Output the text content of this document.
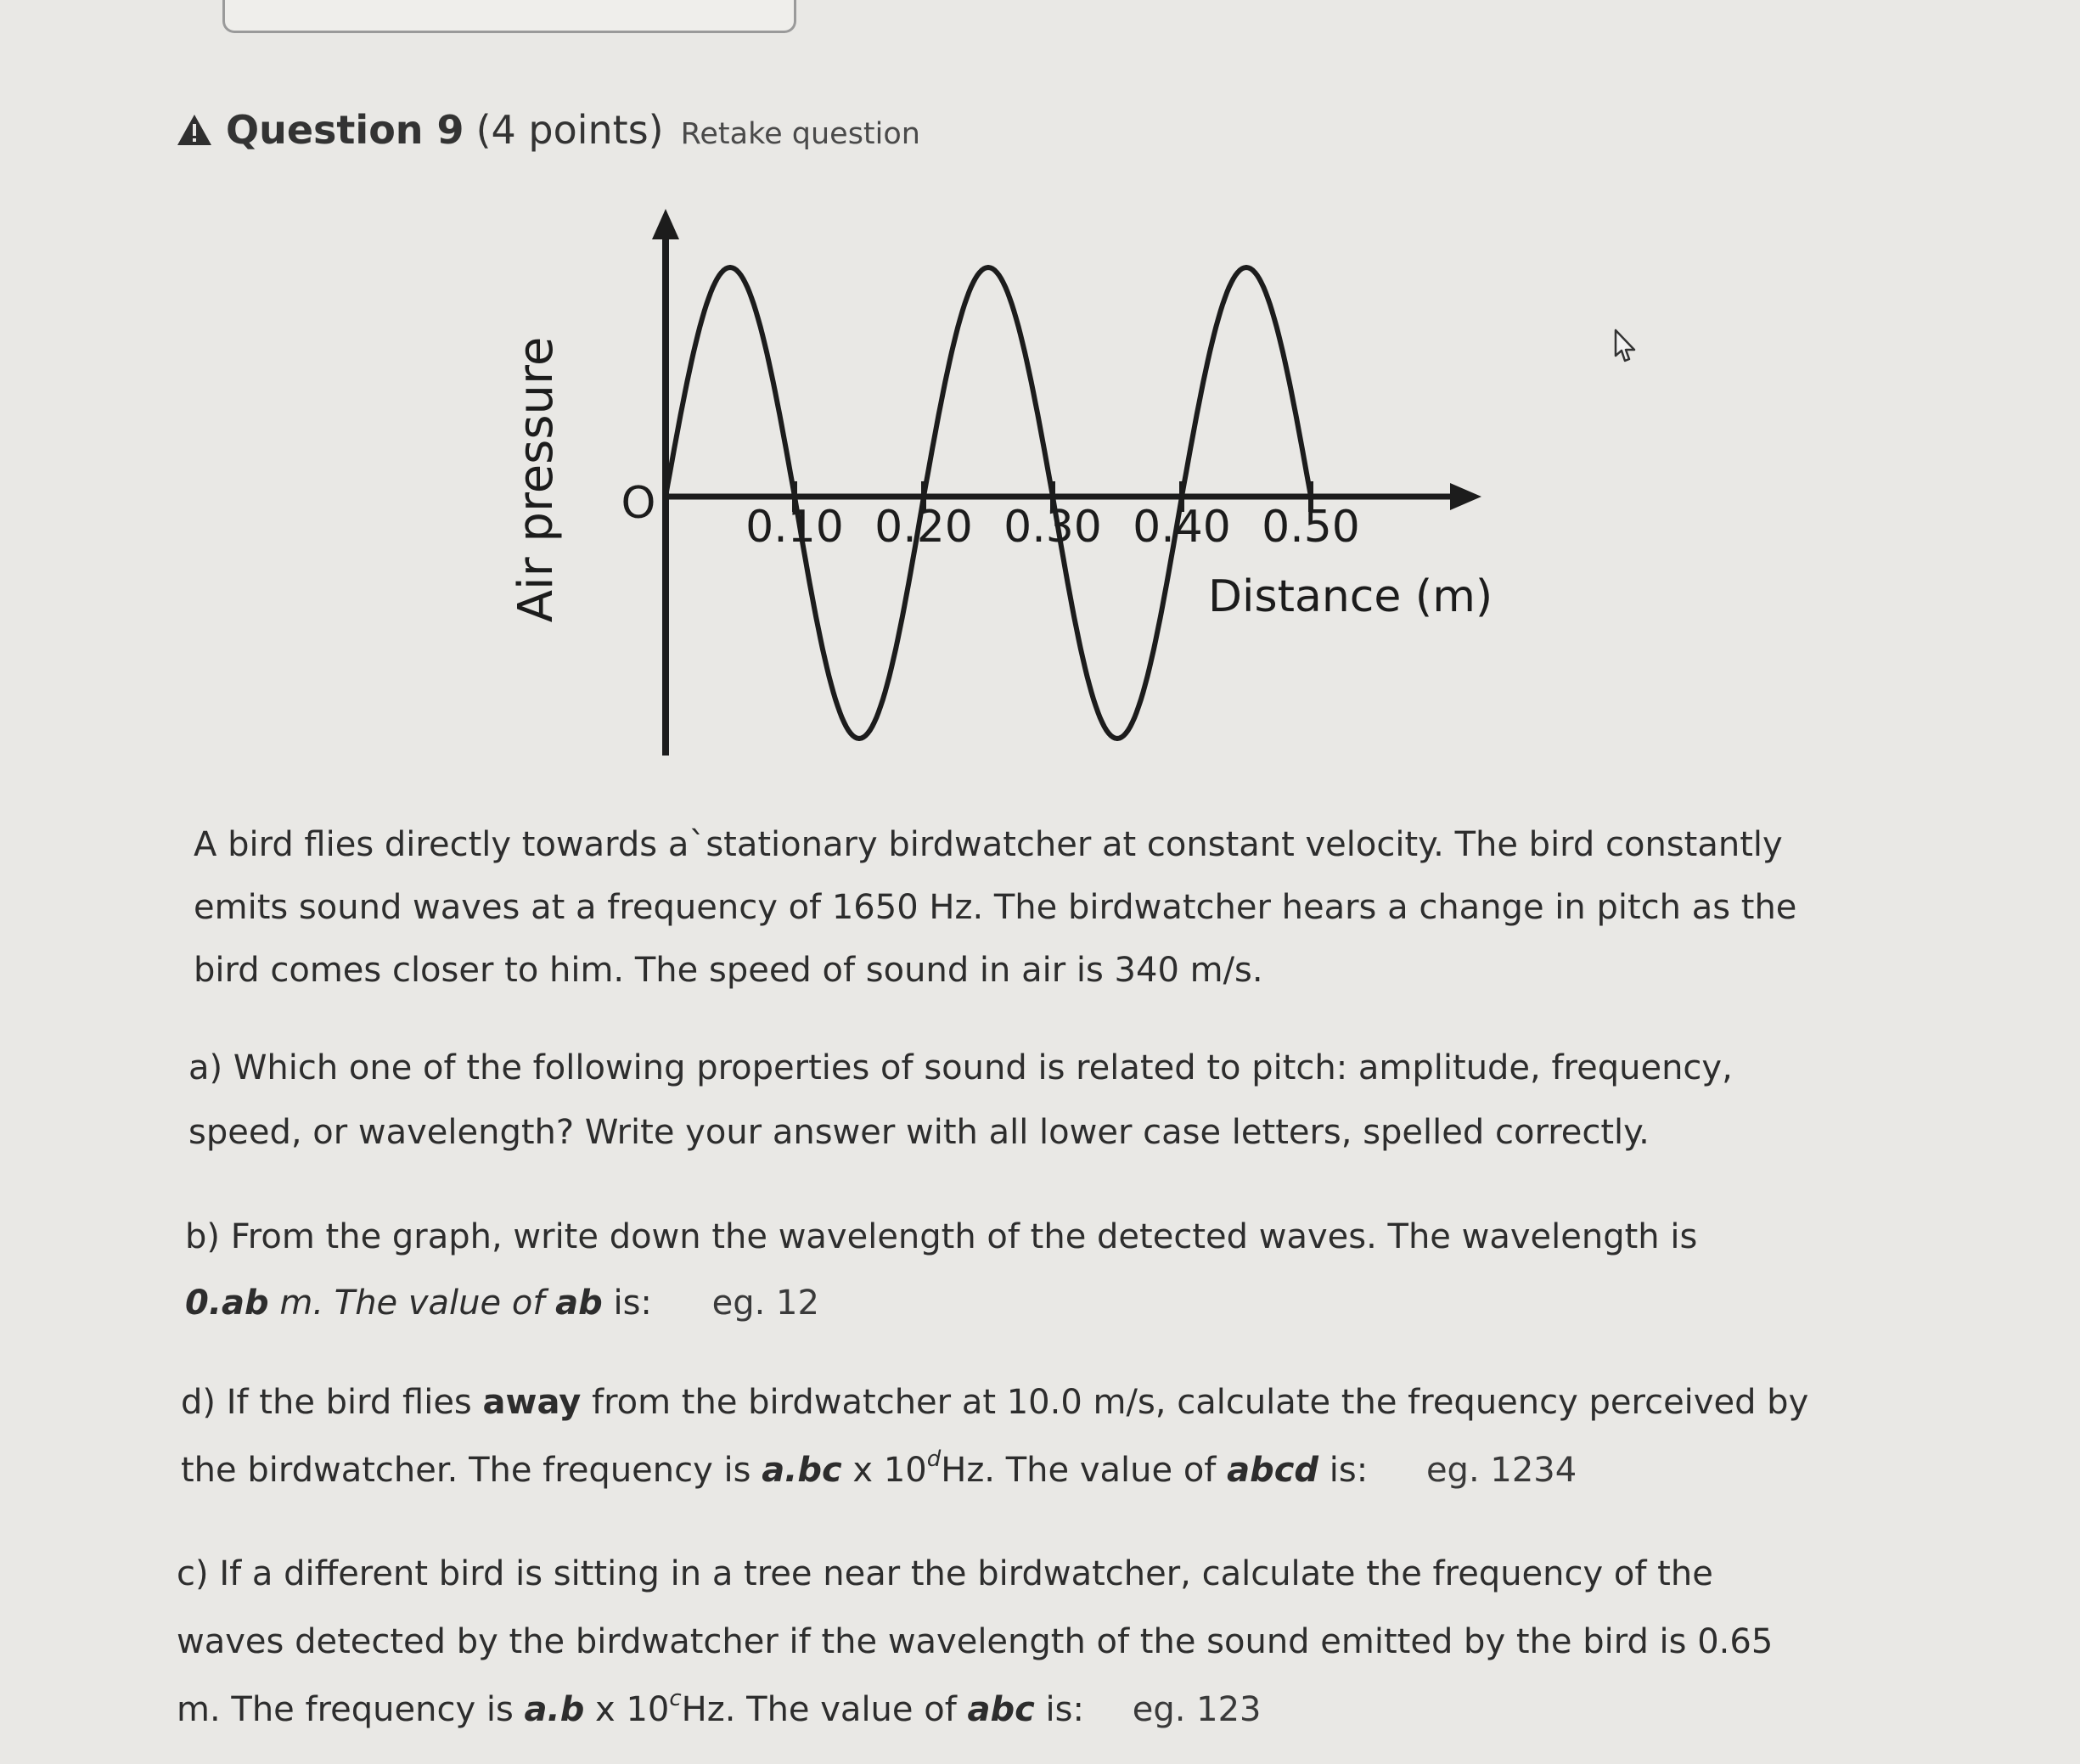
Question 9 (4 points) Retake question
Air pressure O 0.10 0.20 0.30 0.40 0.50
Distance (m)
A bird flies directly towards a`stationary birdwatcher at constant velocity. The bird constantly
emits sound waves at a frequency of 1650 Hz. The birdwatcher hears a change in pitch as the
bird comes closer to him. The speed of sound in air is 340 m/s.
a) Which one of the following properties of sound is related to pitch: amplitude, frequency,
speed, or wavelength? Write your answer with all lower case letters, spelled correctly.
b) From the graph, write down the wavelength of the detected waves. The wavelength is
0.ab m. The value of ab is: eg. 12
d) If the bird flies away from the birdwatcher at 10.0 m/s, calculate the frequency perceived by
the birdwatcher. The frequency is a.bc x 10$^d$Hz. The value of abcd is: eg. 1234
c) If a different bird is sitting in a tree near the birdwatcher, calculate the frequency of the
waves detected by the birdwatcher if the wavelength of the sound emitted by the bird is 0.65
m. The frequency is a.b x 10$^c$Hz. The value of abc is: eg. 123
